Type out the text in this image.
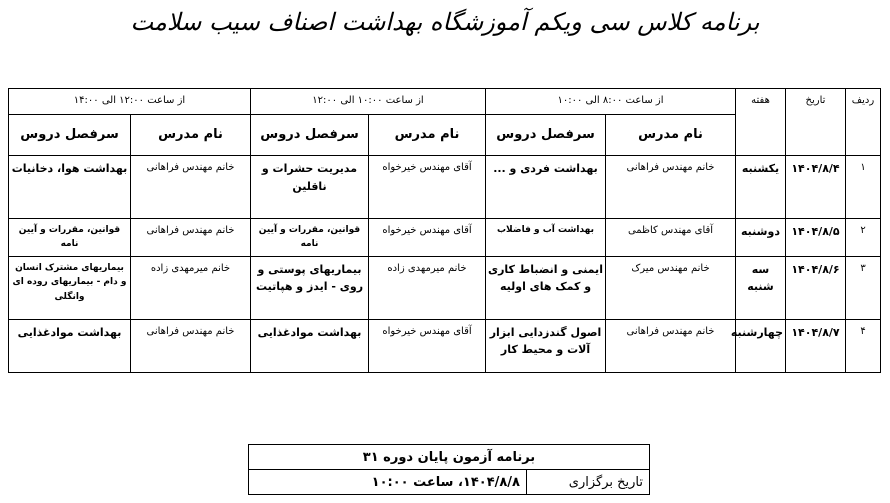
برنامه کلاس سی ویکم آموزشگاه بهداشت اصناف سیب سلامت
ردیف	تاریخ	هفته	از ساعت ۸:۰۰ الی ۱۰:۰۰		از ساعت ۱۰:۰۰ الی ۱۲:۰۰		از ساعت ۱۲:۰۰ الی ۱۴:۰۰	
			نام مدرس	سرفصل دروس	نام مدرس	سرفصل دروس	نام مدرس	سرفصل دروس
۱	۱۴۰۴/۸/۴	یکشنبه	خانم مهندس فراهانی	بهداشت فردی و ...	آقای مهندس خیرخواه	مدیریت حشرات و ناقلین	خانم مهندس فراهانی	بهداشت هوا، دخانیات
۲	۱۴۰۴/۸/۵	دوشنبه	آقای مهندس کاظمی	بهداشت آب و فاضلاب	آقای مهندس خیرخواه	قوانین، مقررات و آیین نامه	خانم مهندس فراهانی	قوانین، مقررات و آیین نامه
۳	۱۴۰۴/۸/۶	سه شنبه	خانم مهندس میرک	ایمنی و انضباط کاری و کمک های اولیه	خانم میرمهدی زاده	بیماریهای پوستی و روی - ایدز و هپاتیت	خانم میرمهدی زاده	بیماریهای مشترک انسان و دام - بیماریهای روده ای وانگلی
۴	۱۴۰۴/۸/۷	چهارشنبه	خانم مهندس فراهانی	اصول گندزدایی ابزار آلات و محیط کار	آقای مهندس خیرخواه	بهداشت موادغذایی	خانم مهندس فراهانی	بهداشت موادغذایی
برنامه آزمون پایان دوره ۳۱
تاریخ برگزاری	۱۴۰۴/۸/۸، ساعت ۱۰:۰۰
